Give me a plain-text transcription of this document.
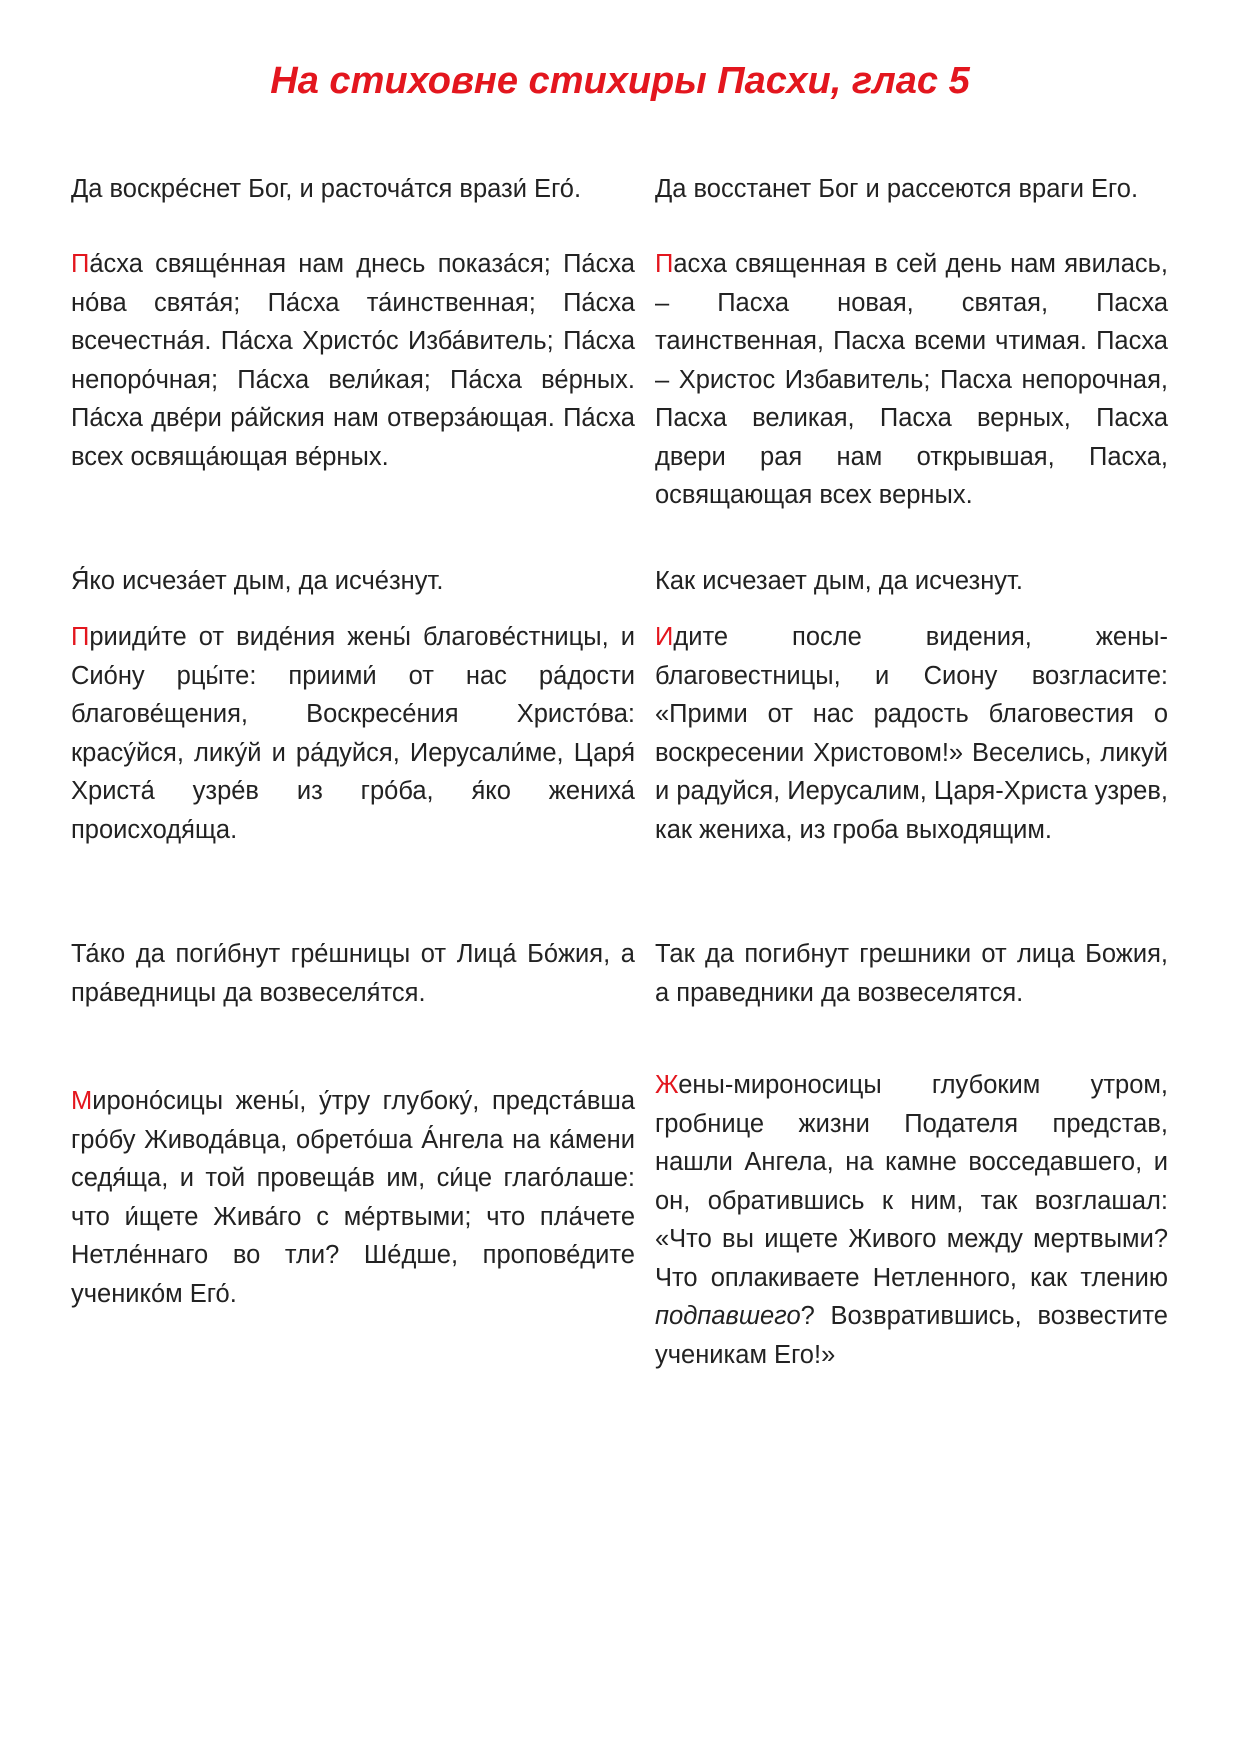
На стиховне стихиры Пасхи, глас 5

Да воскре́снет Бог, и расточа́тся врази́ Его́.

Па́сха свяще́нная нам днесь показа́ся; Па́сха но́ва свята́я; Па́сха та́инственная; Па́сха всечестна́я. Па́сха Христо́с Изба́витель; Па́сха непоро́чная; Па́сха вели́кая; Па́сха ве́рных. Па́сха две́ри ра́йския нам отверза́ющая. Па́сха всех освяща́ющая ве́рных.

Я́ко исчеза́ет дым, да исче́знут.

Прииди́те от виде́ния жены́ благове́стницы, и Сио́ну рцы́те: приими́ от нас ра́дости благове́щения, Воскресе́ния Христо́ва: красу́йся, лику́й и ра́дуйся, Иерусали́ме, Царя́ Христа́ узре́в из гро́ба, я́ко жениха́ происходя́ща.

Та́ко да поги́бнут гре́шницы от Лица́ Бо́жия, а пра́ведницы да возвеселя́тся.

Мироно́сицы жены́, у́тру глубоку́, предста́вша гро́бу Живода́вца, обрето́ша А́нгела на ка́мени седя́ща, и той провеща́в им, си́це глаго́лаше: что и́щете Жива́го с ме́ртвыми; что пла́чете Нетле́ннаго во тли? Ше́дше, пропове́дите ученико́м Его́.

Да восстанет Бог и рассеются враги Его.

Пасха священная в сей день нам явилась, – Пасха новая, святая, Пасха таинственная, Пасха всеми чтимая. Пасха – Христос Избавитель; Пасха непорочная, Пасха великая, Пасха верных, Пасха двери рая нам открывшая, Пасха, освящающая всех верных.

Как исчезает дым, да исчезнут.

Идите после видения, жены-благовестницы, и Сиону возгласите: «Прими от нас радость благовестия о воскресении Христовом!» Веселись, ликуй и радуйся, Иерусалим, Царя-Христа узрев, как жениха, из гроба выходящим.

Так да погибнут грешники от лица Божия, а праведники да возвеселятся.

Жены-мироносицы глубоким утром, гробнице жизни Подателя представ, нашли Ангела, на камне восседавшего, и он, обратившись к ним, так возглашал: «Что вы ищете Живого между мертвыми? Что оплакиваете Нетленного, как тлению подпавшего? Возвратившись, возвестите ученикам Его!»
